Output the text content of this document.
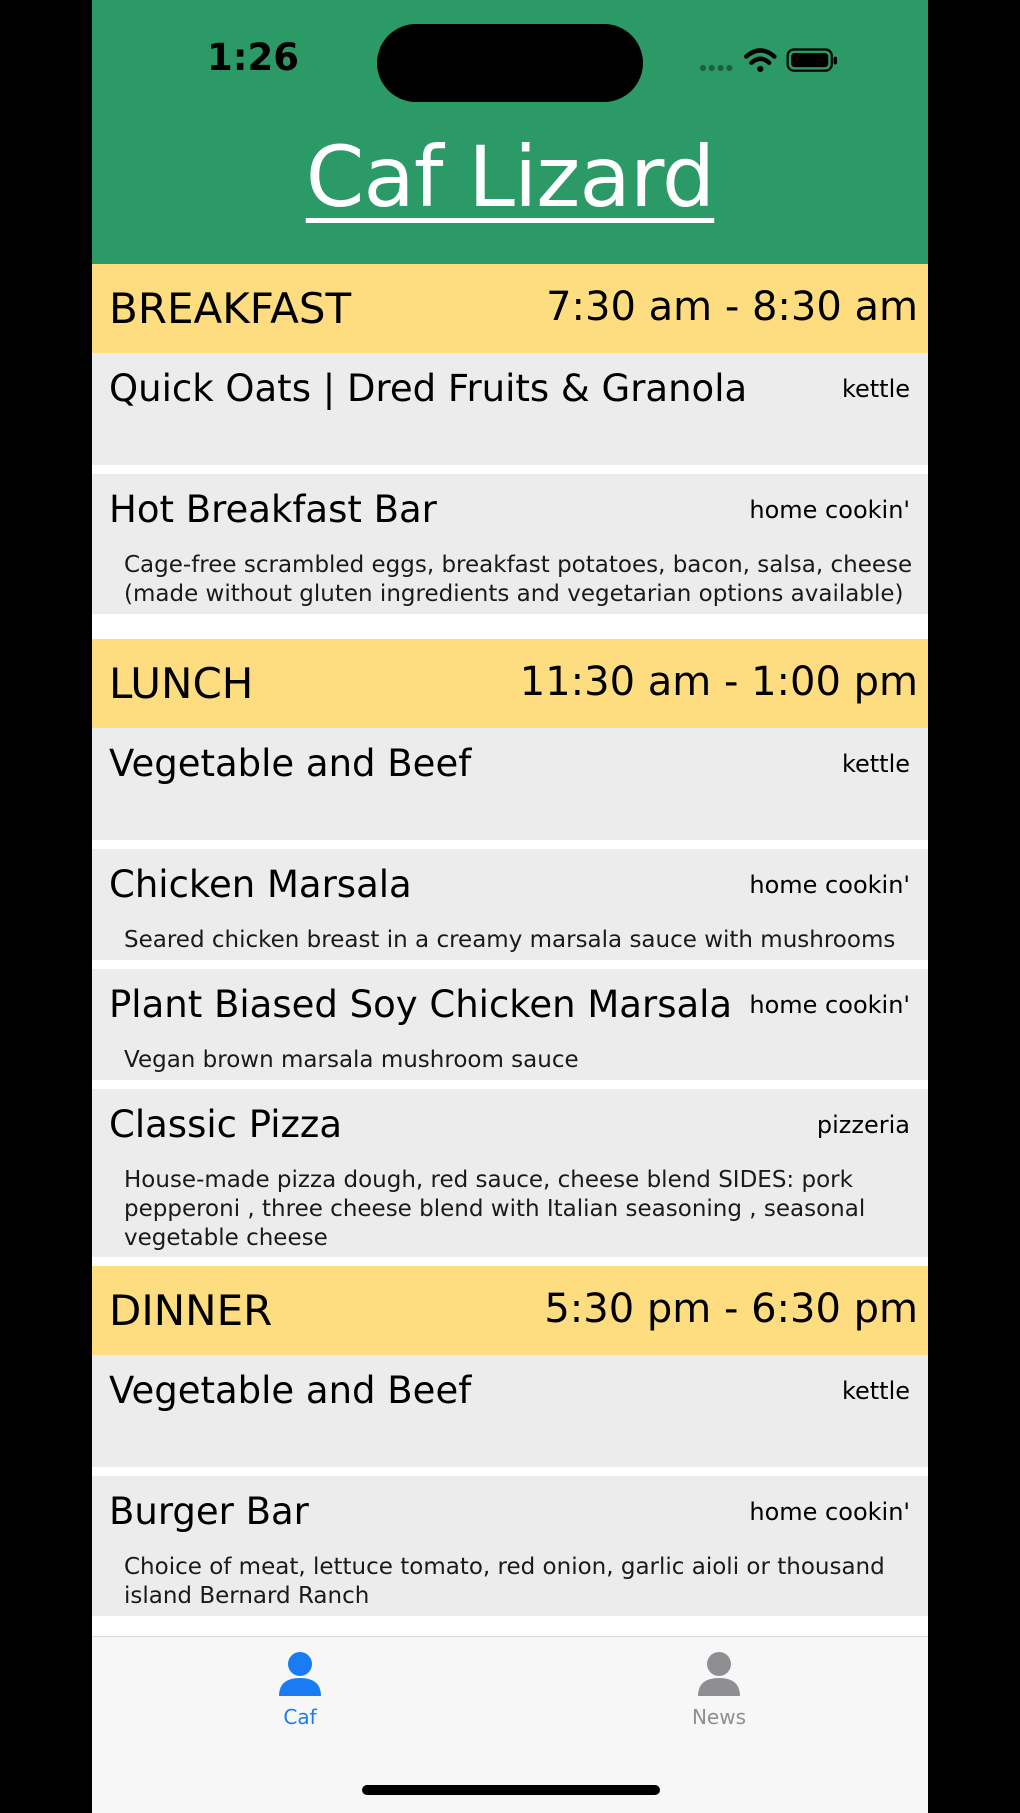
1:26
Caf Lizard
BREAKFAST	7:30 am - 8:30 am
Quick Oats | Dred Fruits & Granola	kettle
Hot Breakfast Bar	home cookin'
Cage-free scrambled eggs, breakfast potatoes, bacon, salsa, cheese (made without gluten ingredients and vegetarian options available)
LUNCH	11:30 am - 1:00 pm
Vegetable and Beef	kettle
Chicken Marsala	home cookin'
Seared chicken breast in a creamy marsala sauce with mushrooms
Plant Biased Soy Chicken Marsala home cookin'
Vegan brown marsala mushroom sauce
Classic Pizza	pizzeria
House-made pizza dough, red sauce, cheese blend SIDES: pork pepperoni , three cheese blend with Italian seasoning , seasonal vegetable cheese
DINNER	5:30 pm - 6:30 pm
Vegetable and Beef	kettle
Burger Bar	home cookin'
Choice of meat, lettuce tomato, red onion, garlic aioli or thousand island Bernard Ranch
Caf	News
